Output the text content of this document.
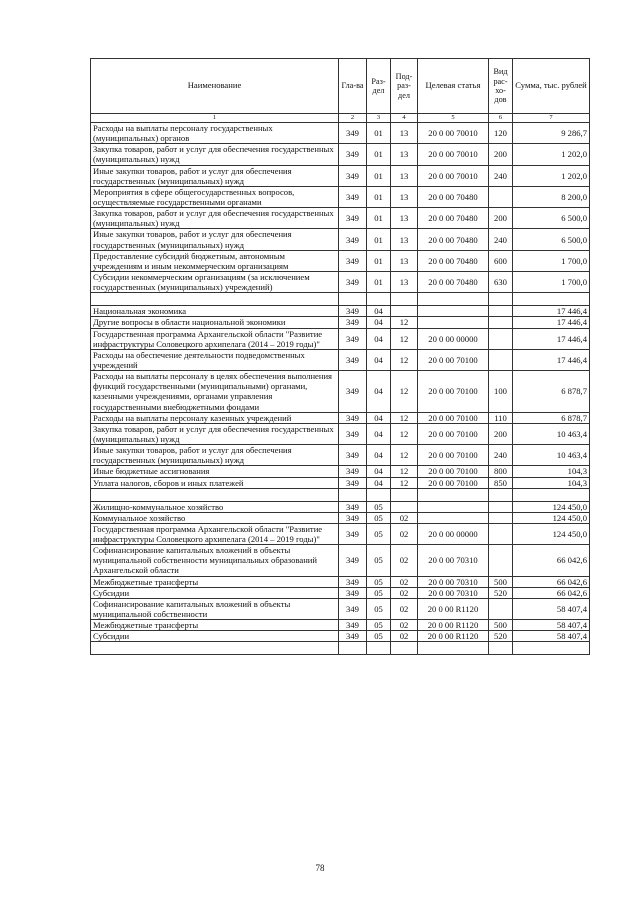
Наименование	Гла-ва	Раз-дел	Под-раз-дел	Целевая статья	Вид рас-хо-дов	Сумма, тыс. рублей
1	2	3	4	5	6	7
Расходы на выплаты персоналу государственных (муниципальных) органов	349	01	13	20 0 00 70010	120	9 286,7
Закупка товаров, работ и услуг для обеспечения государственных (муниципальных) нужд	349	01	13	20 0 00 70010	200	1 202,0
Иные закупки товаров, работ и услуг для обеспечения государственных (муниципальных) нужд	349	01	13	20 0 00 70010	240	1 202,0
Мероприятия в сфере общегосударственных вопросов, осуществляемые государственными органами	349	01	13	20 0 00 70480		8 200,0
Закупка товаров, работ и услуг для обеспечения государственных (муниципальных) нужд	349	01	13	20 0 00 70480	200	6 500,0
Иные закупки товаров, работ и услуг для обеспечения государственных (муниципальных) нужд	349	01	13	20 0 00 70480	240	6 500,0
Предоставление субсидий бюджетным, автономным учреждениям и иным некоммерческим организациям	349	01	13	20 0 00 70480	600	1 700,0
Субсидии некоммерческим организациям (за исключением государственных (муниципальных) учреждений)	349	01	13	20 0 00 70480	630	1 700,0

Национальная экономика	349	04				17 446,4
Другие вопросы в области национальной экономики	349	04	12			17 446,4
Государственная программа Архангельской области "Развитие инфраструктуры Соловецкого архипелага (2014 – 2019 годы)"	349	04	12	20 0 00 00000		17 446,4
Расходы на обеспечение деятельности подведомственных учреждений	349	04	12	20 0 00 70100		17 446,4
Расходы на выплаты персоналу в целях обеспечения выполнения функций государственными (муниципальными) органами, казенными учреждениями, органами управления государственными внебюджетными фондами	349	04	12	20 0 00 70100	100	6 878,7
Расходы на выплаты персоналу казенных учреждений	349	04	12	20 0 00 70100	110	6 878,7
Закупка товаров, работ и услуг для обеспечения государственных (муниципальных) нужд	349	04	12	20 0 00 70100	200	10 463,4
Иные закупки товаров, работ и услуг для обеспечения государственных (муниципальных) нужд	349	04	12	20 0 00 70100	240	10 463,4
Иные бюджетные ассигнования	349	04	12	20 0 00 70100	800	104,3
Уплата налогов, сборов и иных платежей	349	04	12	20 0 00 70100	850	104,3

Жилищно-коммунальное хозяйство	349	05				124 450,0
Коммунальное хозяйство	349	05	02			124 450,0
Государственная программа Архангельской области "Развитие инфраструктуры Соловецкого архипелага (2014 – 2019 годы)"	349	05	02	20 0 00 00000		124 450,0
Софинансирование капитальных вложений в объекты муниципальной собственности муниципальных образований Архангельской области	349	05	02	20 0 00 70310		66 042,6
Межбюджетные трансферты	349	05	02	20 0 00 70310	500	66 042,6
Субсидии	349	05	02	20 0 00 70310	520	66 042,6
Софинансирование капитальных вложений в объекты муниципальной собственности	349	05	02	20 0 00 R1120		58 407,4
Межбюджетные трансферты	349	05	02	20 0 00 R1120	500	58 407,4
Субсидии	349	05	02	20 0 00 R1120	520	58 407,4

78
